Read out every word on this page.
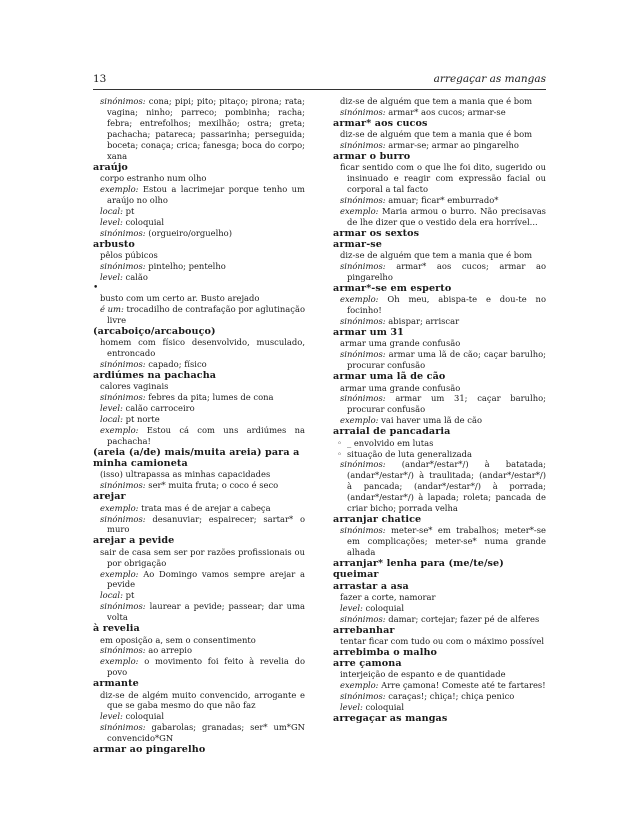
13	arregaçar as mangas

sinónimos: cona; pipi; pito; pitaço; pirona; rata; vagina; ninho; parreco; pombinha; racha; febra; entrefolhos; mexilhão; ostra; greta; pachacha; patareca; passarinha; perseguida; boceta; conaça; crica; fanesga; boca do corpo; xana

araújo

corpo estranho num olho

exemplo: Estou a lacrimejar porque tenho um araújo no olho

local: pt

level: coloquial

sinónimos: (orgueiro/orguelho)

arbusto

pêlos púbicos

sinónimos: pintelho; pentelho

level: calão

•

busto com um certo ar. Busto arejado

é um: trocadilho de contrafação por aglutinação livre

(arcaboiço/arcabouço)

homem com físico desenvolvido, musculado, entroncado

sinónimos: capado; físico

ardiúmes na pachacha

calores vaginais

sinónimos: febres da pita; lumes de cona

level: calão carroceiro

local: pt norte

exemplo: Estou cá com uns ardiúmes na pachacha!

(areia (a/de) mais/muita areia) para a minha camioneta

(isso) ultrapassa as minhas capacidades

sinónimos: ser* muita fruta; o coco é seco

arejar

exemplo: trata mas é de arejar a cabeça

sinónimos: desanuviar; espairecer; sartar* o muro

arejar a pevide

sair de casa sem ser por razões profissionais ou por obrigação

exemplo: Ao Domingo vamos sempre arejar a pevide

local: pt

sinónimos: laurear a pevide; passear; dar uma volta

à revelia

em oposição a, sem o consentimento

sinónimos: ao arrepio

exemplo: o movimento foi feito à revelia do povo

armante

diz-se de algém muito convencido, arrogante e que se gaba mesmo do que não faz

level: coloquial

sinónimos: gabarolas; granadas; ser* um*GN convencido*GN

armar ao pingarelho

diz-se de alguém que tem a mania que é bom

sinónimos: armar* aos cucos; armar-se

armar* aos cucos

diz-se de alguém que tem a mania que é bom

sinónimos: armar-se; armar ao pingarelho

armar o burro

ficar sentido com o que lhe foi dito, sugerido ou insinuado e reagir com expressão facial ou corporal a tal facto

sinónimos: amuar; ficar* emburrado*

exemplo: Maria armou o burro. Não precisavas de lhe dizer que o vestido dela era horrível...

armar os sextos

armar-se

diz-se de alguém que tem a mania que é bom

sinónimos: armar* aos cucos; armar ao pingarelho

armar*-se em esperto

exemplo: Oh meu, abispa-te e dou-te no focinho!

sinónimos: abispar; arriscar

armar um 31

armar uma grande confusão

sinónimos: armar uma lã de cão; caçar barulho; procurar confusão

armar uma lã de cão

armar uma grande confusão

sinónimos: armar um 31; caçar barulho; procurar confusão

exemplo: vai haver uma lã de cão

arraial de pancadaria

◦ _ envolvido em lutas

◦ situação de luta generalizada

sinónimos: (andar*/estar*/) à batatada; (andar*/estar*/) à traulitada; (andar*/estar*/) à pancada; (andar*/estar*/) à porrada; (andar*/estar*/) à lapada; roleta; pancada de criar bicho; porrada velha

arranjar chatice

sinónimos: meter-se* em trabalhos; meter*-se em complicações; meter-se* numa grande alhada

arranjar* lenha para (me/te/se) queimar

arrastar a asa

fazer a corte, namorar

level: coloquial

sinónimos: damar; cortejar; fazer pé de alferes

arrebanhar

tentar ficar com tudo ou com o máximo possível

arrebimba o malho

arre çamona

interjeição de espanto e de quantidade

exemplo: Arre çamona! Comeste até te fartares!

sinónimos: caraças!; chiça!; chiça penico

level: coloquial

arregaçar as mangas
